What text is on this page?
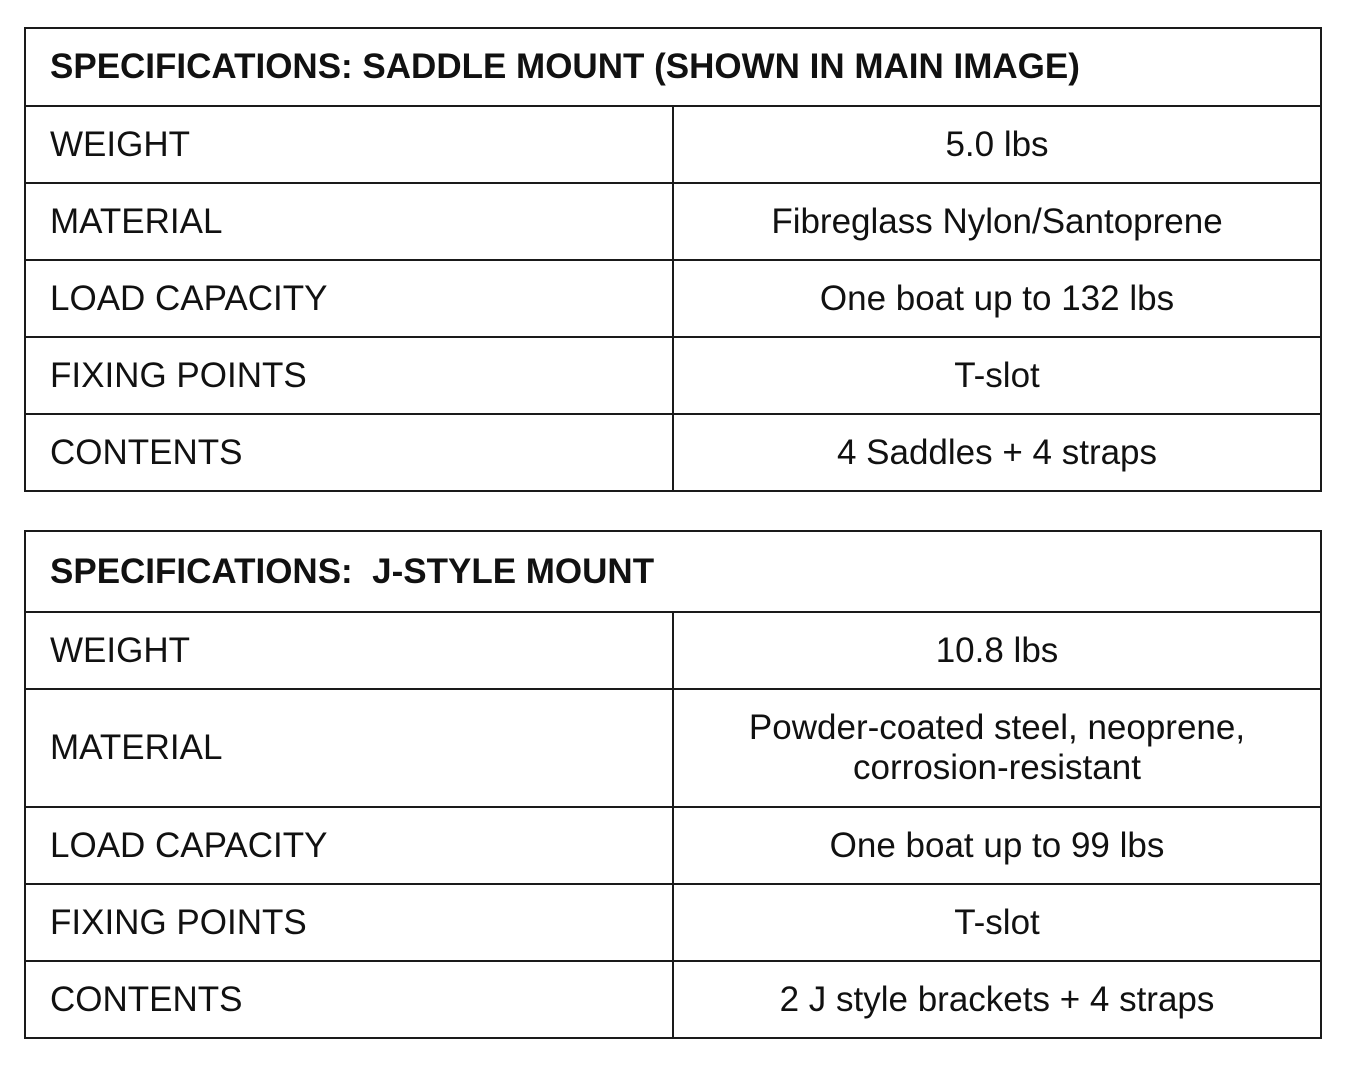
SPECIFICATIONS: SADDLE MOUNT (SHOWN IN MAIN IMAGE)	
WEIGHT	5.0 lbs
MATERIAL	Fibreglass Nylon/Santoprene
LOAD CAPACITY	One boat up to 132 lbs
FIXING POINTS	T-slot
CONTENTS	4 Saddles + 4 straps
SPECIFICATIONS:  J-STYLE MOUNT	
WEIGHT	10.8 lbs
MATERIAL	Powder-coated steel, neoprene,
corrosion-resistant

LOAD CAPACITY	One boat up to 99 lbs
FIXING POINTS	T-slot
CONTENTS	2 J style brackets + 4 straps
